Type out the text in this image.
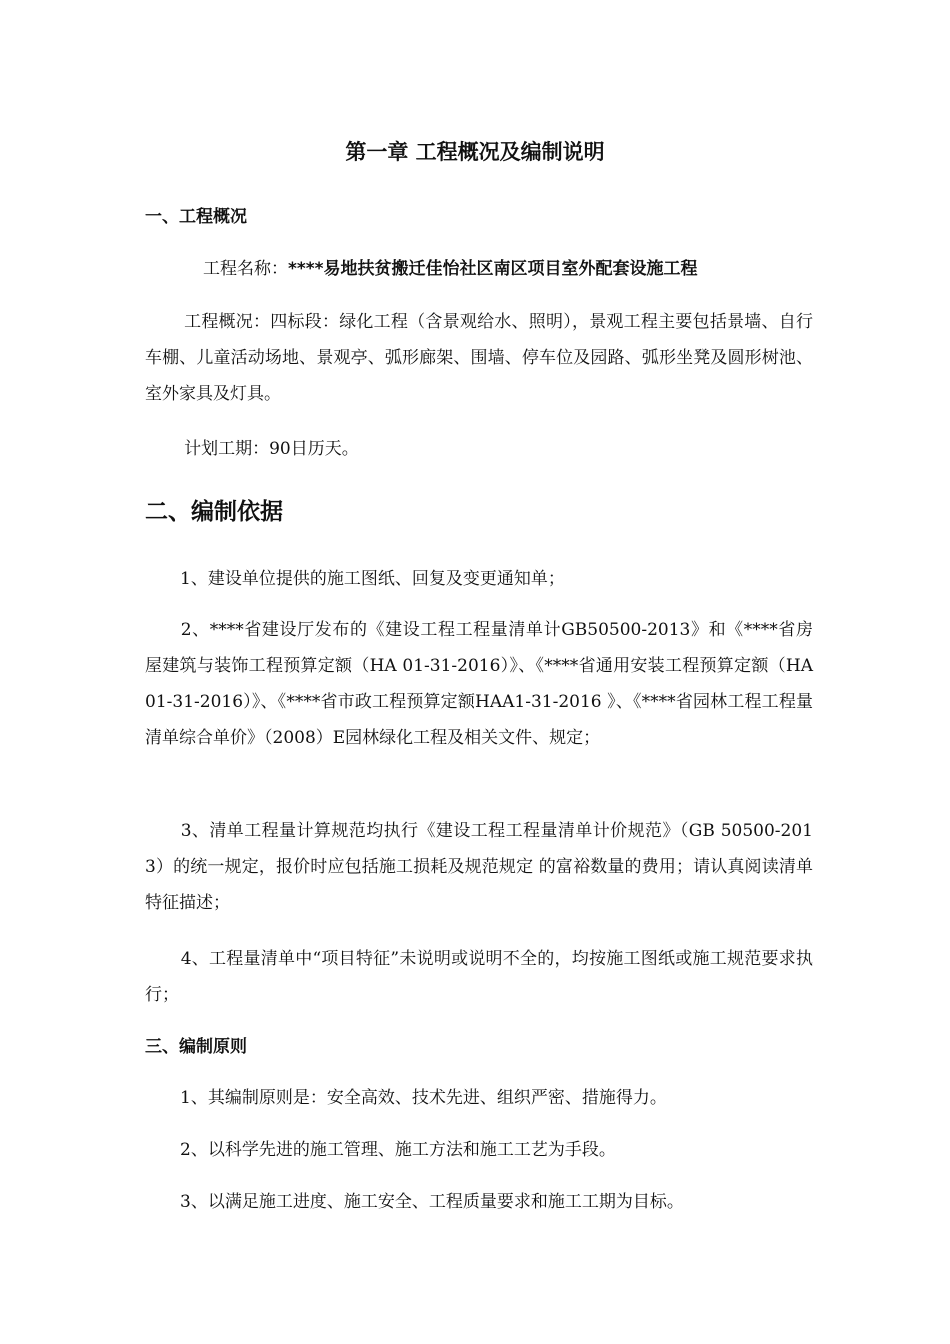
第一章 工程概况及编制说明
一、工程概况
工程名称：****易地扶贫搬迁佳怡社区南区项目室外配套设施工程
工程概况：四标段：绿化工程（含景观给水、照明），景观工程主要包括景墙、自行车棚、儿童活动场地、景观亭、弧形廊架、围墙、停车位及园路、弧形坐凳及圆形树池、室外家具及灯具。
计划工期：90日历天。
二、编制依据
1、建设单位提供的施工图纸、回复及变更通知单；
2、****省建设厅发布的《建设工程工程量清单计GB50500-2013》和《****省房屋建筑与装饰工程预算定额（HA 01-31-2016）》、《****省通用安装工程预算定额（HA 01-31-2016）》、《****省市政工程预算定额HAA1-31-2016 》、《****省园林工程工程量清单综合单价》（2008）E园林绿化工程及相关文件、规定；
3、清单工程量计算规范均执行《建设工程工程量清单计价规范》（GB 50500-2013）的统一规定，报价时应包括施工损耗及规范规定 的富裕数量的费用；请认真阅读清单特征描述；
4、工程量清单中“项目特征”未说明或说明不全的，均按施工图纸或施工规范要求执行；
三、编制原则
1、其编制原则是：安全高效、技术先进、组织严密、措施得力。
2、以科学先进的施工管理、施工方法和施工工艺为手段。
3、以满足施工进度、施工安全、工程质量要求和施工工期为目标。
